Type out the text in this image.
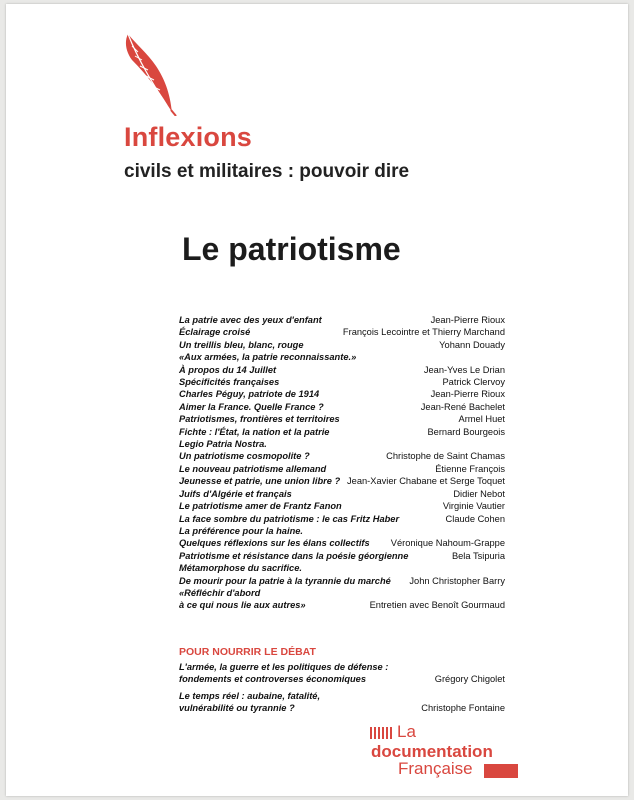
Inflexions
civils et militaires : pouvoir dire
Le patriotisme
La patrie avec des yeux d'enfant	Jean-Pierre Rioux
Éclairage croisé	François Lecointre et Thierry Marchand
Un treillis bleu, blanc, rouge	Yohann Douady
«Aux armées, la patrie reconnaissante.»
À propos du 14 Juillet	Jean-Yves Le Drian
Spécificités françaises	Patrick Clervoy
Charles Péguy, patriote de 1914	Jean-Pierre Rioux
Aimer la France. Quelle France ?	Jean-René Bachelet
Patriotismes, frontières et territoires	Armel Huet
Fichte : l'État, la nation et la patrie	Bernard Bourgeois
Legio Patria Nostra.
Un patriotisme cosmopolite ?	Christophe de Saint Chamas
Le nouveau patriotisme allemand	Étienne François
Jeunesse et patrie, une union libre ? Jean-Xavier Chabane et Serge Toquet
Juifs d'Algérie et français	Didier Nebot
Le patriotisme amer de Frantz Fanon	Virginie Vautier
La face sombre du patriotisme : le cas Fritz Haber	Claude Cohen
La préférence pour la haine.
Quelques réflexions sur les élans collectifs	Véronique Nahoum-Grappe
Patriotisme et résistance dans la poésie géorgienne	Bela Tsipuria
Métamorphose du sacrifice.
De mourir pour la patrie à la tyrannie du marché	John Christopher Barry
«Réfléchir d'abord
à ce qui nous lie aux autres»	Entretien avec Benoît Gourmaud
POUR NOURRIR LE DÉBAT
L'armée, la guerre et les politiques de défense :
fondements et controverses économiques	Grégory Chigolet
Le temps réel : aubaine, fatalité,
vulnérabilité ou tyrannie ?	Christophe Fontaine
La
documentation
Française
